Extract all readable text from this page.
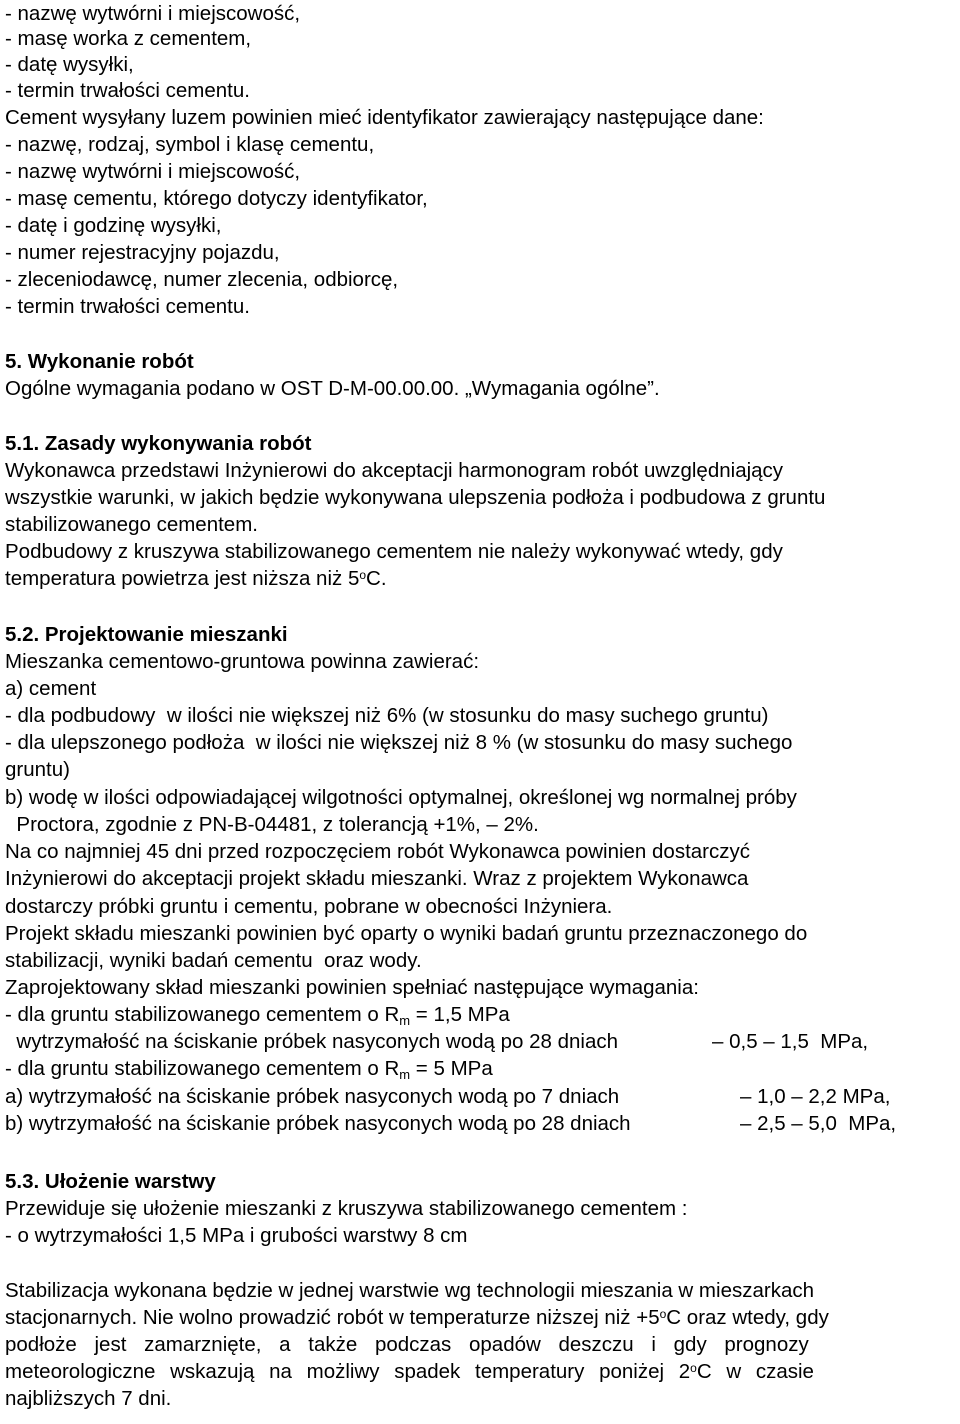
- nazwę wytwórni i miejscowość,
- masę worka z cementem,
- datę wysyłki,
- termin trwałości cementu.
Cement wysyłany luzem powinien mieć identyfikator zawierający następujące dane:
- nazwę, rodzaj, symbol i klasę cementu,
- nazwę wytwórni i miejscowość,
- masę cementu, którego dotyczy identyfikator,
- datę i godzinę wysyłki,
- numer rejestracyjny pojazdu,
- zleceniodawcę, numer zlecenia, odbiorcę,
- termin trwałości cementu.
5. Wykonanie robót
Ogólne wymagania podano w OST D-M-00.00.00. „Wymagania ogólne”.
5.1. Zasady wykonywania robót
Wykonawca przedstawi Inżynierowi do akceptacji harmonogram robót uwzględniający
wszystkie warunki, w jakich będzie wykonywana ulepszenia podłoża i podbudowa z gruntu
stabilizowanego cementem.
Podbudowy z kruszywa stabilizowanego cementem nie należy wykonywać wtedy, gdy
temperatura powietrza jest niższa niż 5$^o$C.
5.2. Projektowanie mieszanki
Mieszanka cementowo-gruntowa powinna zawierać:
a) cement
- dla podbudowy  w ilości nie większej niż 6% (w stosunku do masy suchego gruntu)
- dla ulepszonego podłoża  w ilości nie większej niż 8 % (w stosunku do masy suchego
gruntu)
b) wodę w ilości odpowiadającej wilgotności optymalnej, określonej wg normalnej próby
Proctora, zgodnie z PN-B-04481, z tolerancją +1%, – 2%.
Na co najmniej 45 dni przed rozpoczęciem robót Wykonawca powinien dostarczyć
Inżynierowi do akceptacji projekt składu mieszanki. Wraz z projektem Wykonawca
dostarczy próbki gruntu i cementu, pobrane w obecności Inżyniera.
Projekt składu mieszanki powinien być oparty o wyniki badań gruntu przeznaczonego do
stabilizacji, wyniki badań cementu  oraz wody.
Zaprojektowany skład mieszanki powinien spełniać następujące wymagania:
- dla gruntu stabilizowanego cementem o $R_m = 1,5$ MPa
wytrzymałość na ściskanie próbek nasyconych wodą po 28 dniach	– 0,5 – 1,5  MPa,
- dla gruntu stabilizowanego cementem o $R_m = 5$ MPa
a) wytrzymałość na ściskanie próbek nasyconych wodą po 7 dniach	– 1,0 – 2,2 MPa,
b) wytrzymałość na ściskanie próbek nasyconych wodą po 28 dniach	– 2,5 – 5,0  MPa,
5.3. Ułożenie warstwy
Przewiduje się ułożenie mieszanki z kruszywa stabilizowanego cementem :
- o wytrzymałości 1,5 MPa i grubości warstwy 8 cm
Stabilizacja wykonana będzie w jednej warstwie wg technologii mieszania w mieszarkach
stacjonarnych. Nie wolno prowadzić robót w temperaturze niższej niż $+5^oC$ oraz wtedy, gdy
podłoże jest zamarznięte, a także podczas opadów deszczu i gdy prognozy
meteorologiczne wskazują na możliwy spadek temperatury poniżej 2$^o$C w czasie
najbliższych 7 dni.
